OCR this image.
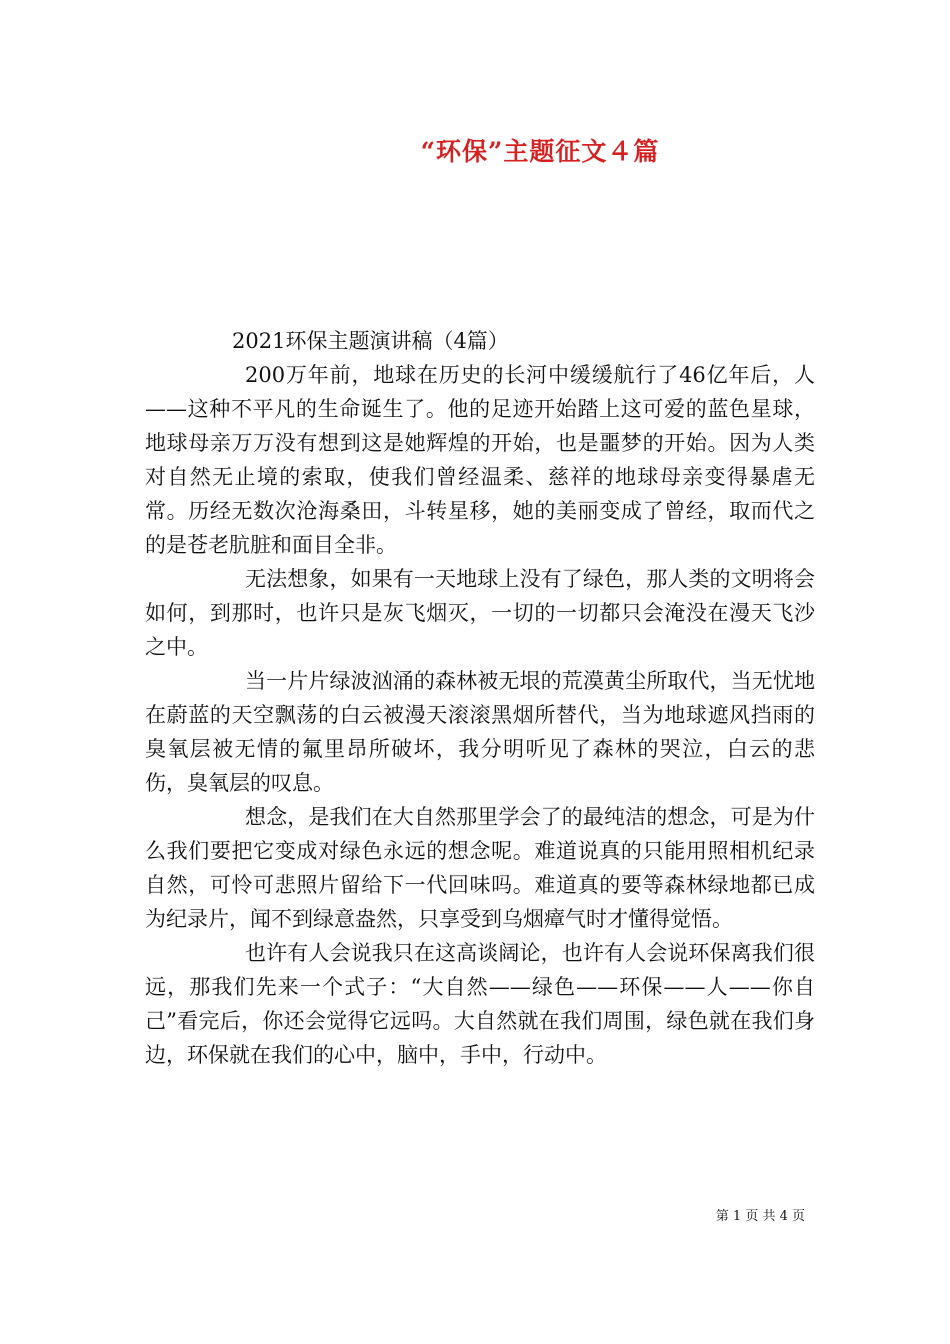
“环保”主题征文４篇
2021环保主题演讲稿（4篇）

200万年前，地球在历史的长河中缓缓航行了46亿年后，人——这种不平凡的生命诞生了。他的足迹开始踏上这可爱的蓝色星球，地球母亲万万没有想到这是她辉煌的开始，也是噩梦的开始。因为人类对自然无止境的索取，使我们曾经温柔、慈祥的地球母亲变得暴虐无常。历经无数次沧海桑田，斗转星移，她的美丽变成了曾经，取而代之的是苍老肮脏和面目全非。

无法想象，如果有一天地球上没有了绿色，那人类的文明将会如何，到那时，也许只是灰飞烟灭，一切的一切都只会淹没在漫天飞沙之中。

当一片片绿波汹涌的森林被无垠的荒漠黄尘所取代，当无忧地在蔚蓝的天空飘荡的白云被漫天滚滚黑烟所替代，当为地球遮风挡雨的臭氧层被无情的氟里昂所破坏，我分明听见了森林的哭泣，白云的悲伤，臭氧层的叹息。

想念，是我们在大自然那里学会了的最纯洁的想念，可是为什么我们要把它变成对绿色永远的想念呢。难道说真的只能用照相机纪录自然，可怜可悲照片留给下一代回味吗。难道真的要等森林绿地都已成为纪录片，闻不到绿意盎然，只享受到乌烟瘴气时才懂得觉悟。

也许有人会说我只在这高谈阔论，也许有人会说环保离我们很远，那我们先来一个式子：“大自然——绿色——环保——人——你自己”看完后，你还会觉得它远吗。大自然就在我们周围，绿色就在我们身边，环保就在我们的心中，脑中，手中，行动中。

第 1 页 共 4 页
